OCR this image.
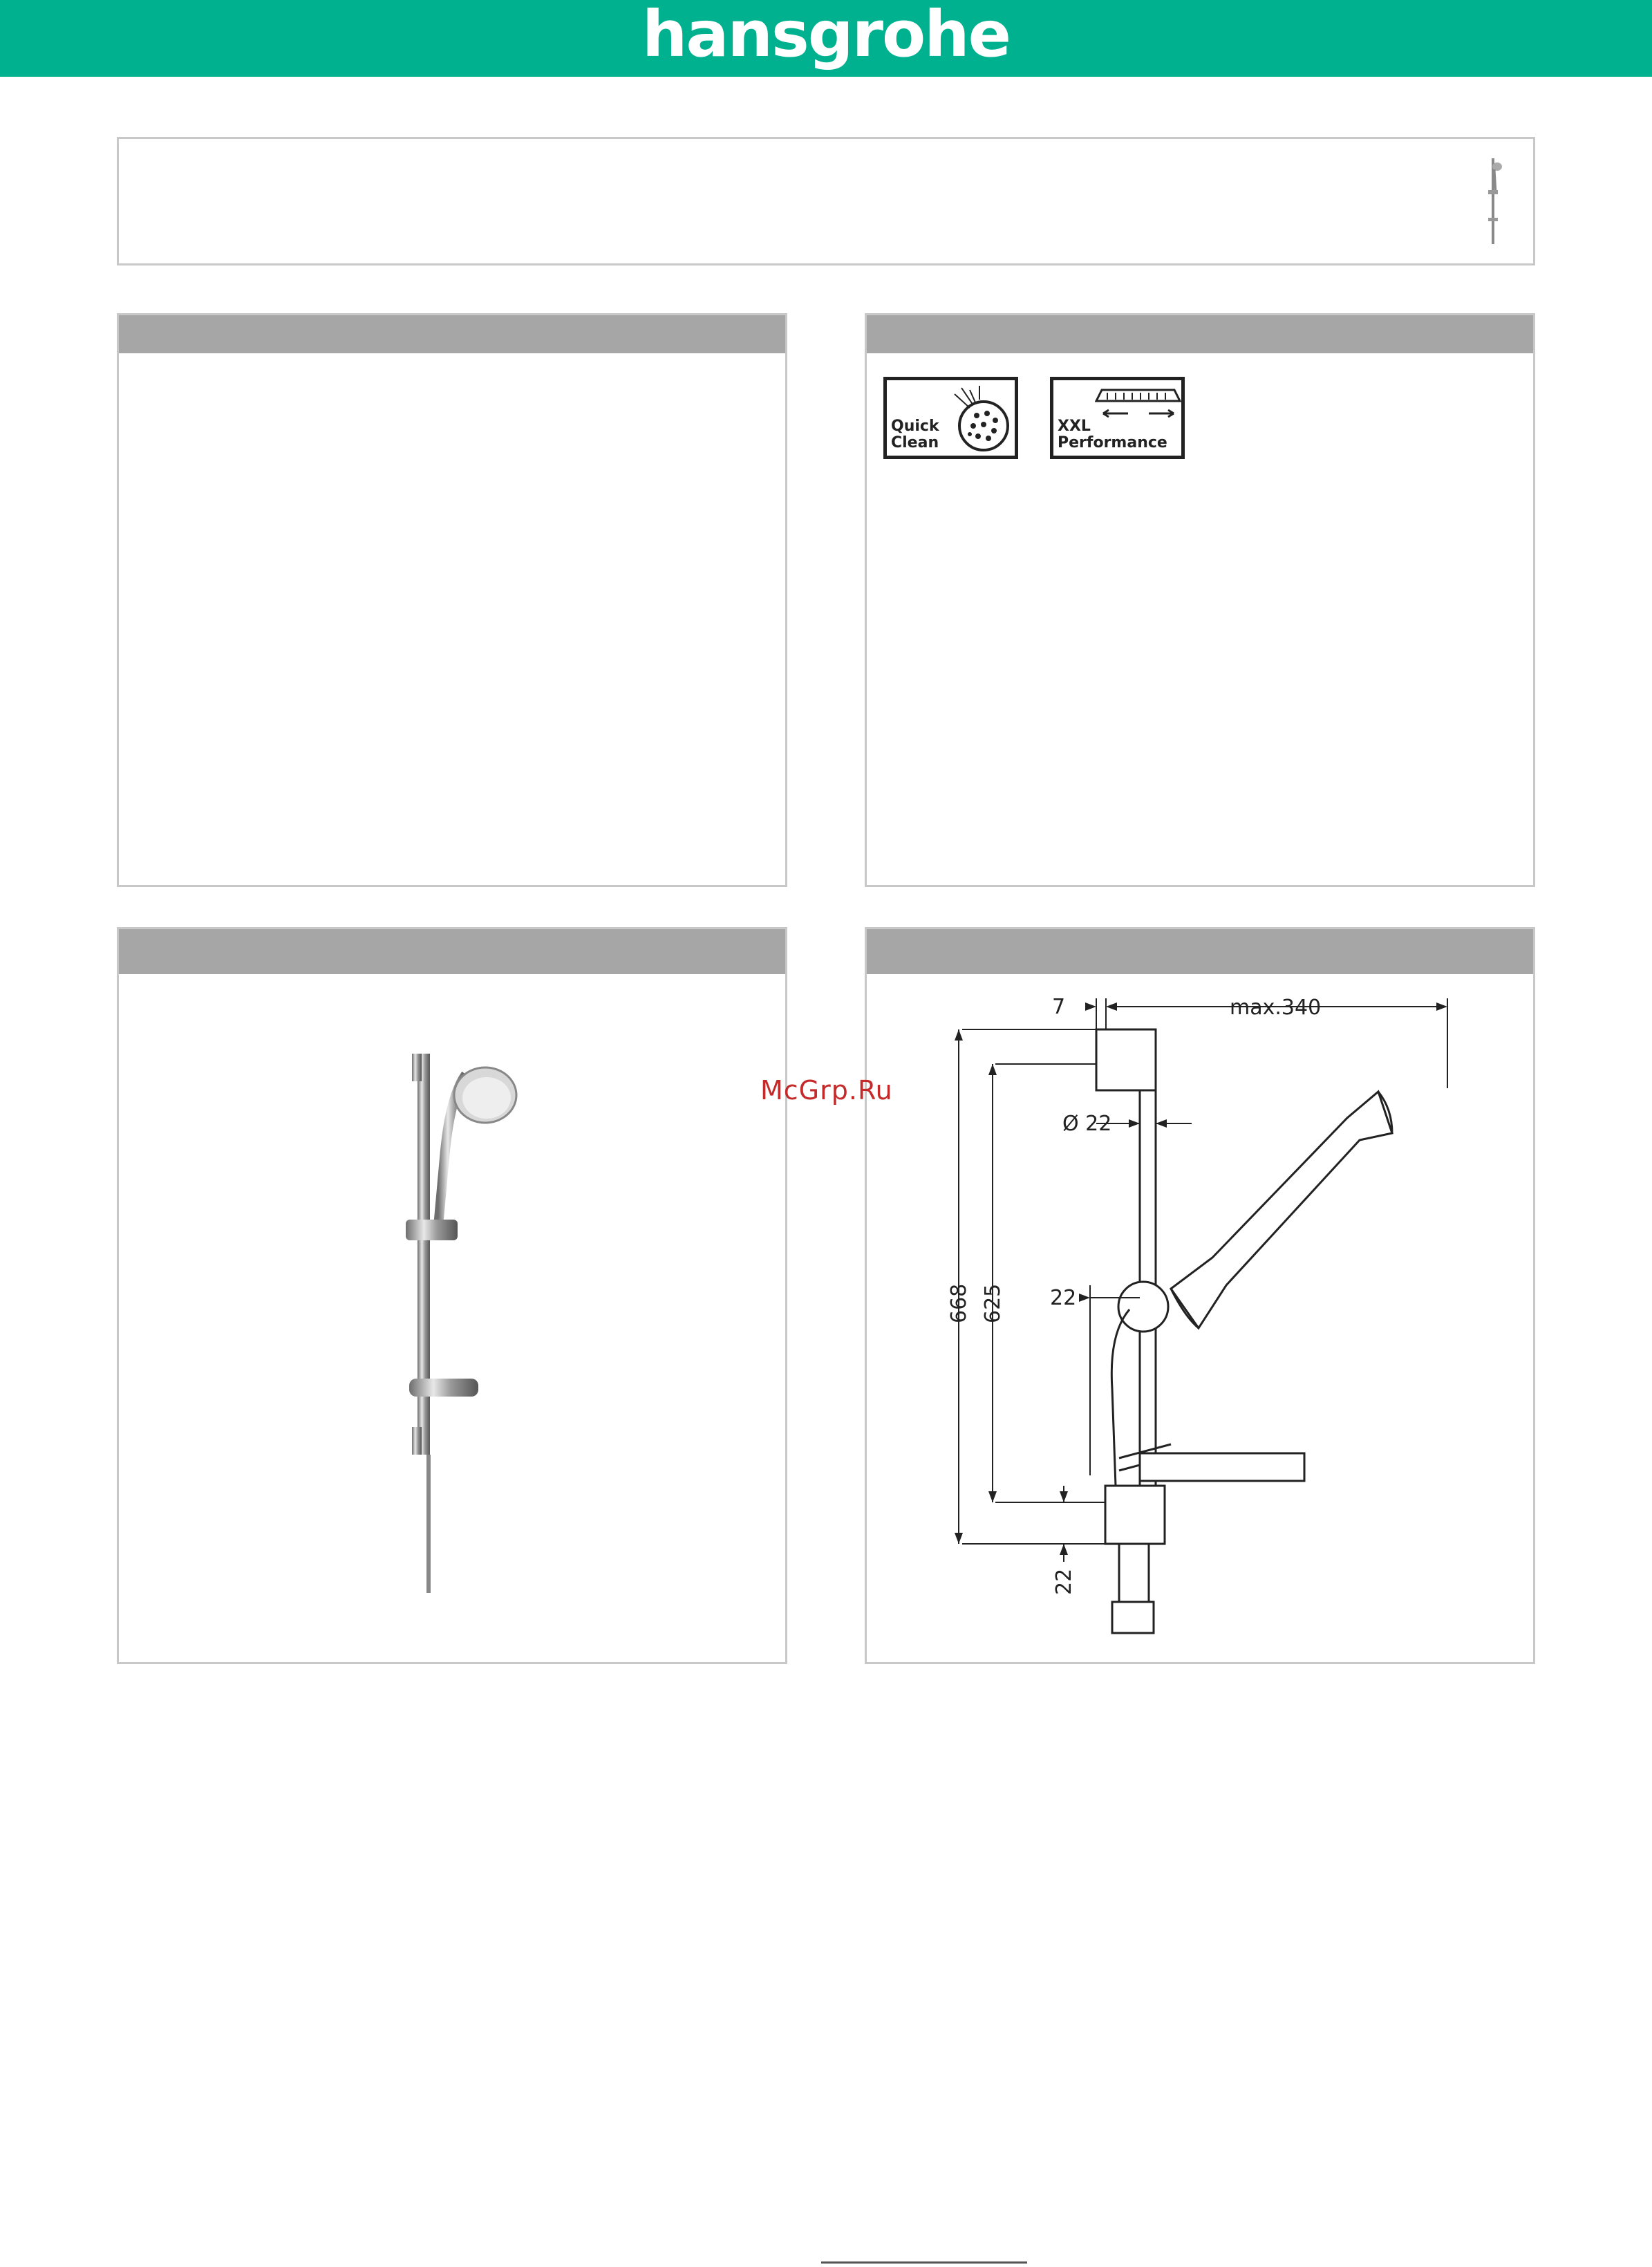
hansgrohe
Quick
Clean
XXL
Performance
7	max.340
Ø 22
22
668 625
22
McGrp.Ru
